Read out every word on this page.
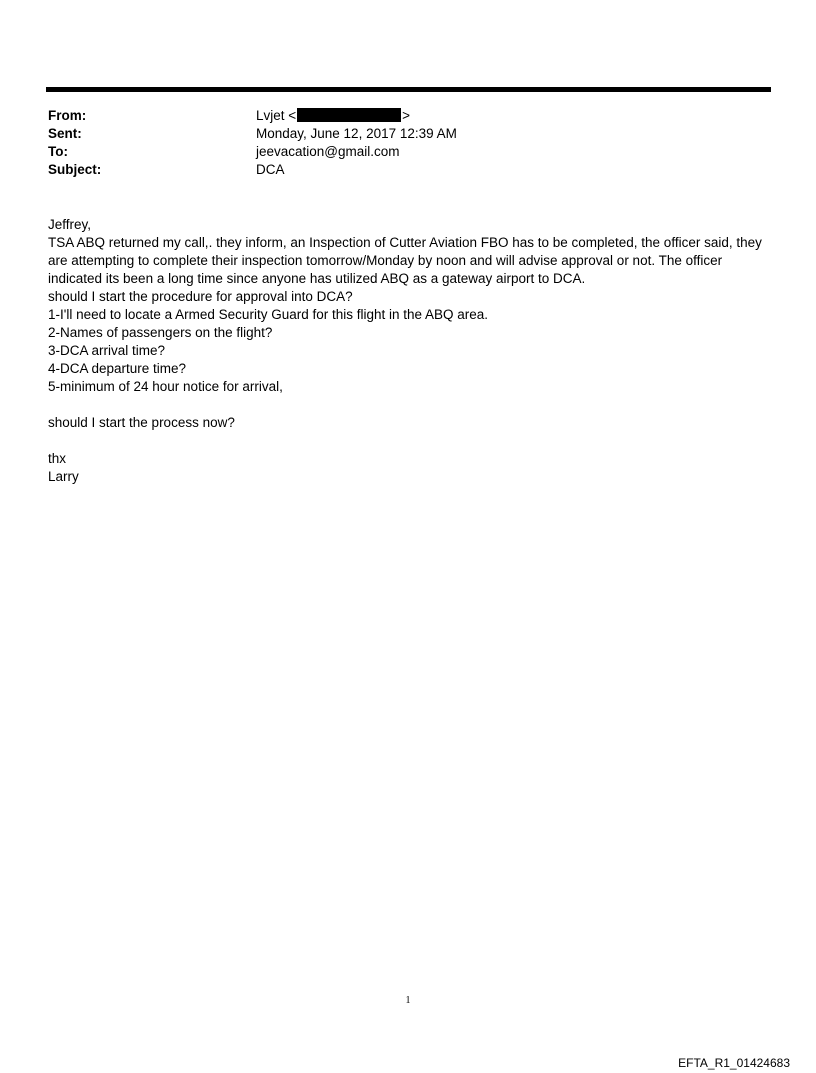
From:	Lvjet <	>
Sent:	Monday, June 12, 2017 12:39 AM
To:	jeevacation@gmail.com
Subject:	DCA
Jeffrey,
TSA ABQ returned my call,. they inform, an Inspection of Cutter Aviation FBO has to be completed, the officer said, they
are attempting to complete their inspection tomorrow/Monday by noon and will advise approval or not. The officer
indicated its been a long time since anyone has utilized ABQ as a gateway airport to DCA.
should I start the procedure for approval into DCA?
1-I'll need to locate a Armed Security Guard for this flight in the ABQ area.
2-Names of passengers on the flight?
3-DCA arrival time?
4-DCA departure time?
5-minimum of 24 hour notice for arrival,
should I start the process now?
thx
Larry
1
EFTA_R1_01424683
